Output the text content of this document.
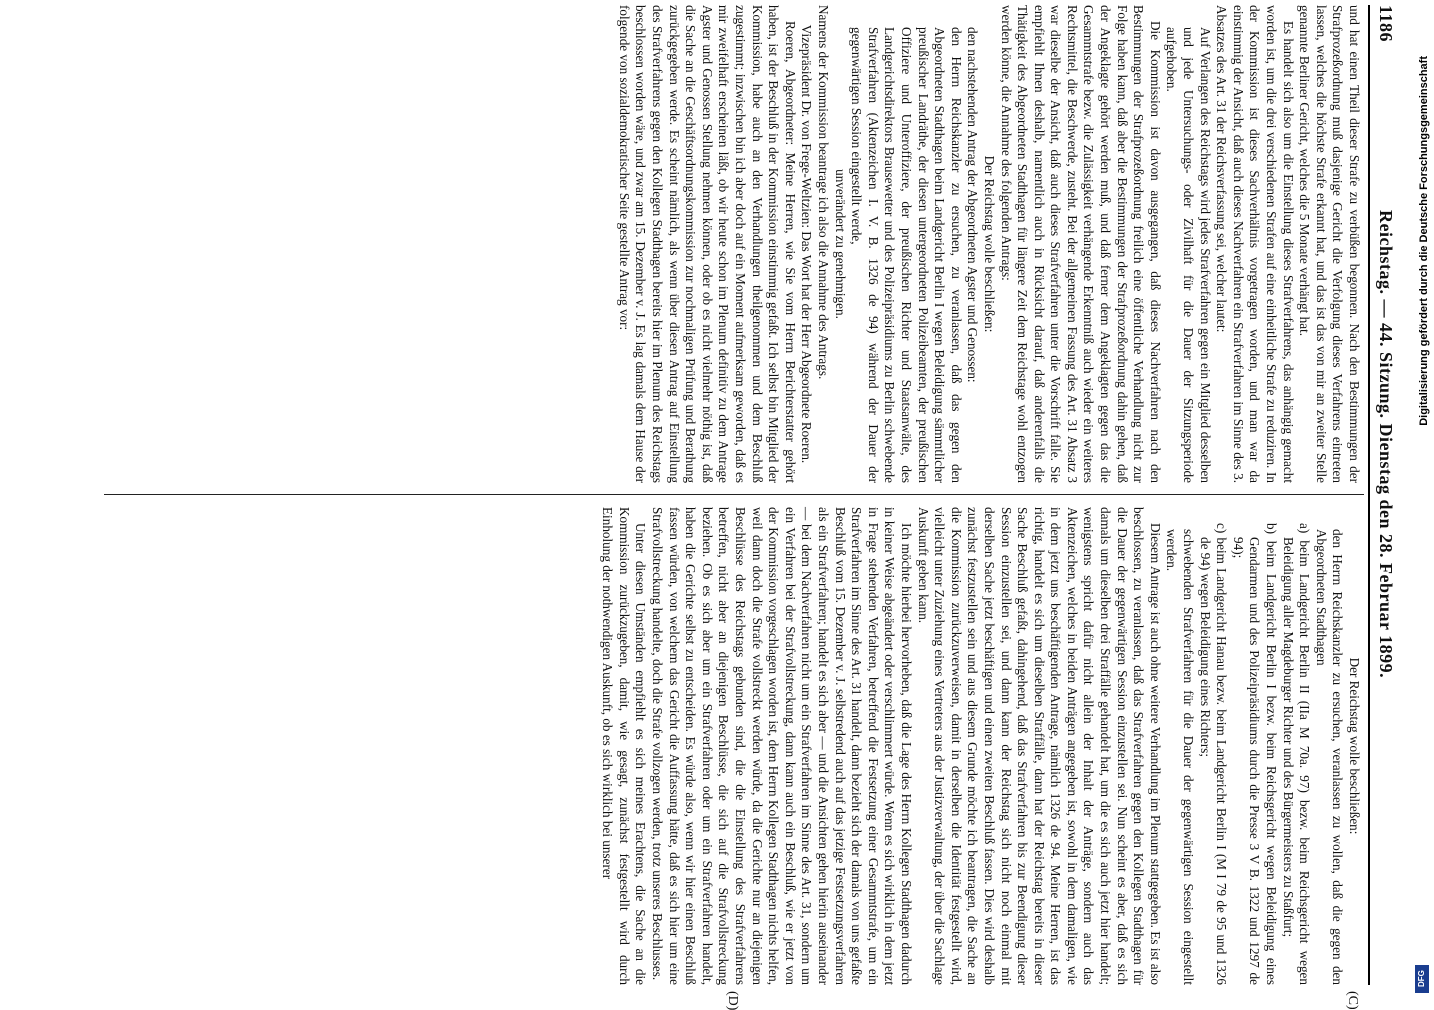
1186
Reichstag. — 44. Sitzung. Dienstag den 28. Februar 1899.
(C)
(D)

und hat einen Theil dieser Strafe zu verbüßen begonnen. Nach den Bestimmungen der Strafprozeßordnung muß dasjenige Gericht die Verfolgung dieses Verfahrens eintreten lassen, welches die höchste Strafe erkannt hat, und das ist das von mir an zweiter Stelle genannte Berliner Gericht, welches die 5 Monate verhängt hat.

Es handelt sich also um die Einstellung dieses Strafverfahrens, das anhängig gemacht worden ist, um die drei verschiedenen Strafen auf eine einheitliche Strafe zu reduziren. In der Kommission ist dieses Sachverhältnis vorgetragen worden, und man war da einstimmig der Ansicht, daß auch dieses Nachverfahren ein Strafverfahren im Sinne des 3. Absatzes des Art. 31 der Reichsverfassung sei, welcher lautet:

Auf Verlangen des Reichstags wird jedes Strafverfahren gegen ein Mitglied desselben und jede Untersuchungs- oder Zivilhaft für die Dauer der Sitzungsperiode aufgehoben.

Die Kommission ist davon ausgegangen, daß dieses Nachverfahren nach den Bestimmungen der Strafprozeßordnung freilich eine öffentliche Verhandlung nicht zur Folge haben kann, daß aber die Bestimmungen der Strafprozeßordnung dahin gehen, daß der Angeklagte gehört werden muß, und daß ferner dem Angeklagten gegen das die Gesammtstrafe bezw. die Zulässigkeit verhängende Erkenntniß auch wieder ein weiteres Rechtsmittel, die Beschwerde, zusteht. Bei der allgemeinen Fassung des Art. 31 Absatz 3 war dieselbe der Ansicht, daß auch dieses Strafverfahren unter die Vorschrift falle. Sie empfiehlt Ihnen deshalb, namentlich auch in Rücksicht darauf, daß anderenfalls die Thätigkeit des Abgeordneten Stadthagen für längere Zeit dem Reichstage wohl entzogen werden könne, die Annahme des folgenden Antrags:

Der Reichstag wolle beschließen:

den nachstehenden Antrag der Abgeordneten Agster und Genossen:

den Herrn Reichskanzler zu ersuchen, zu veranlassen, daß das gegen den Abgeordneten Stadthagen beim Landgericht Berlin I wegen Beleidigung sämmtlicher preußischer Landräthe, der diesen untergeordneten Polizeibeamten, der preußischen Offiziere und Unteroffiziere, der preußischen Richter und Staatsanwälte, des Landgerichtsdirektors Brausewetter und des Polizeipräsidiums zu Berlin schwebende Strafverfahren (Aktenzeichen I. V. B. 1326 de 94) während der Dauer der gegenwärtigen Session eingestellt werde,

unverändert zu genehmigen.

Namens der Kommission beantrage ich also die Annahme des Antrags.

Vizepräsident Dr. von Frege-Weltzien: Das Wort hat der Herr Abgeordnete Roeren.

Roeren, Abgeordneter: Meine Herren, wie Sie vom Herrn Berichterstatter gehört haben, ist der Beschluß in der Kommission einstimmig gefaßt. Ich selbst bin Mitglied der Kommission, habe auch an den Verhandlungen theilgenommen und dem Beschluß zugestimmt; inzwischen bin ich aber doch auf ein Moment aufmerksam geworden, daß es mir zweifelhaft erscheinen läßt, ob wir heute schon im Plenum definitiv zu dem Antrage Agster und Genossen Stellung nehmen können, oder ob es nicht vielmehr nöthig ist, daß die Sache an die Geschäftsordnungskommission zur nochmaligen Prüfung und Berathung zurückgegeben werde. Es scheint nämlich, als wenn über diesen Antrag auf Einstellung des Strafverfahrens gegen den Kollegen Stadthagen bereits hier im Plenum des Reichstags beschlossen worden wäre, und zwar am 15. Dezember v. J. Es lag damals dem Hause der folgende von sozialdemokratischer Seite gestellte Antrag vor:

Der Reichstag wolle beschließen:

den Herrn Reichskanzler zu ersuchen, veranlassen zu wollen, daß die gegen den Abgeordneten Stadthagen

a) beim Landgericht Berlin II (IIa M 70a. 97) bezw. beim Reichsgericht wegen Beleidigung aller Magdeburger Richter und des Bürgermeisters zu Staßfurt;

b) beim Landgericht Berlin I bezw. beim Reichsgericht wegen Beleidigung eines Gendarmen und des Polizeipräsidiums durch die Presse 3 V B. 1322 und 1297 de 94);

c) beim Landgericht Hanau bezw. beim Landgericht Berlin I (M I 79 de 95 und 1326 de 94) wegen Beleidigung eines Richters;

schwebenden Strafverfahren für die Dauer der gegenwärtigen Session eingestellt werden.

Diesem Antrage ist auch ohne weitere Verhandlung im Plenum stattgegeben. Es ist also beschlossen, zu veranlassen, daß das Strafverfahren gegen den Kollegen Stadthagen für die Dauer der gegenwärtigen Session einzustellen sei. Nun scheint es aber, daß es sich damals um dieselben drei Straffälle gehandelt hat, um die es sich auch jetzt hier handelt; wenigstens spricht dafür nicht allein der Inhalt der Anträge, sondern auch das Aktenzeichen, welches in beiden Anträgen angegeben ist, sowohl in dem damaligen, wie in dem jetzt uns beschäftigenden Antrage, nämlich 1326 de 94. Meine Herren, ist das richtig, handelt es sich um dieselben Straffälle, dann hat der Reichstag bereits in dieser Sache Beschluß gefaßt, dahingehend, daß das Strafverfahren bis zur Beendigung dieser Session einzustellen sei, und dann kann der Reichstag sich nicht noch einmal mit derselben Sache jetzt beschäftigen und einen zweiten Beschluß fassen. Dies wird deshalb zunächst festzustellen sein und aus diesem Grunde möchte ich beantragen, die Sache an die Kommission zurückzuverweisen, damit in derselben die Identität festgestellt wird, vielleicht unter Zuziehung eines Vertreters aus der Justizverwaltung, der über die Sachlage Auskunft geben kann.

Ich möchte hierbei hervorheben, daß die Lage des Herrn Kollegen Stadthagen dadurch in keiner Weise abgeändert oder verschlimmert würde. Wenn es sich wirklich in dem jetzt in Frage stehenden Verfahren, betreffend die Festsetzung einer Gesammtstrafe, um ein Strafverfahren im Sinne des Art. 31 handelt, dann bezieht sich der damals von uns gefaßte Beschluß vom 15. Dezember v. J. selbstredend auch auf das jetzige Festsetzungsverfahren als ein Strafverfahren; handelt es sich aber — und die Ansichten gehen hierin auseinander — bei dem Nachverfahren nicht um ein Strafverfahren im Sinne des Art. 31, sondern um ein Verfahren bei der Strafvollstreckung, dann kann auch ein Beschluß, wie er jetzt von der Kommission vorgeschlagen worden ist, dem Herrn Kollegen Stadthagen nichts helfen, weil dann doch die Strafe vollstreckt werden würde, da die Gerichte nur an diejenigen Beschlüsse des Reichstags gebunden sind, die die Einstellung des Strafverfahrens betreffen, nicht aber an diejenigen Beschlüsse, die sich auf die Strafvollstreckung beziehen. Ob es sich aber um ein Strafverfahren oder um ein Strafverfahren handelt, haben die Gerichte selbst zu entscheiden. Es würde also, wenn wir hier einen Beschluß fassen würden, von welchem das Gericht die Auffassung hätte, daß es sich hier um eine Strafvollstreckung handelte, doch die Strafe vollzogen werden, trotz unseres Beschlusses.

Unter diesen Umständen empfiehlt es sich meines Erachtens, die Sache an die Kommission zurückzugeben, damit, wie gesagt, zunächst festgestellt wird durch Einholung der nothwendigen Auskunft, ob es sich wirklich bei unserer

Digitalisierung gefördert durch die Deutsche Forschungsgemeinschaft
DFG
